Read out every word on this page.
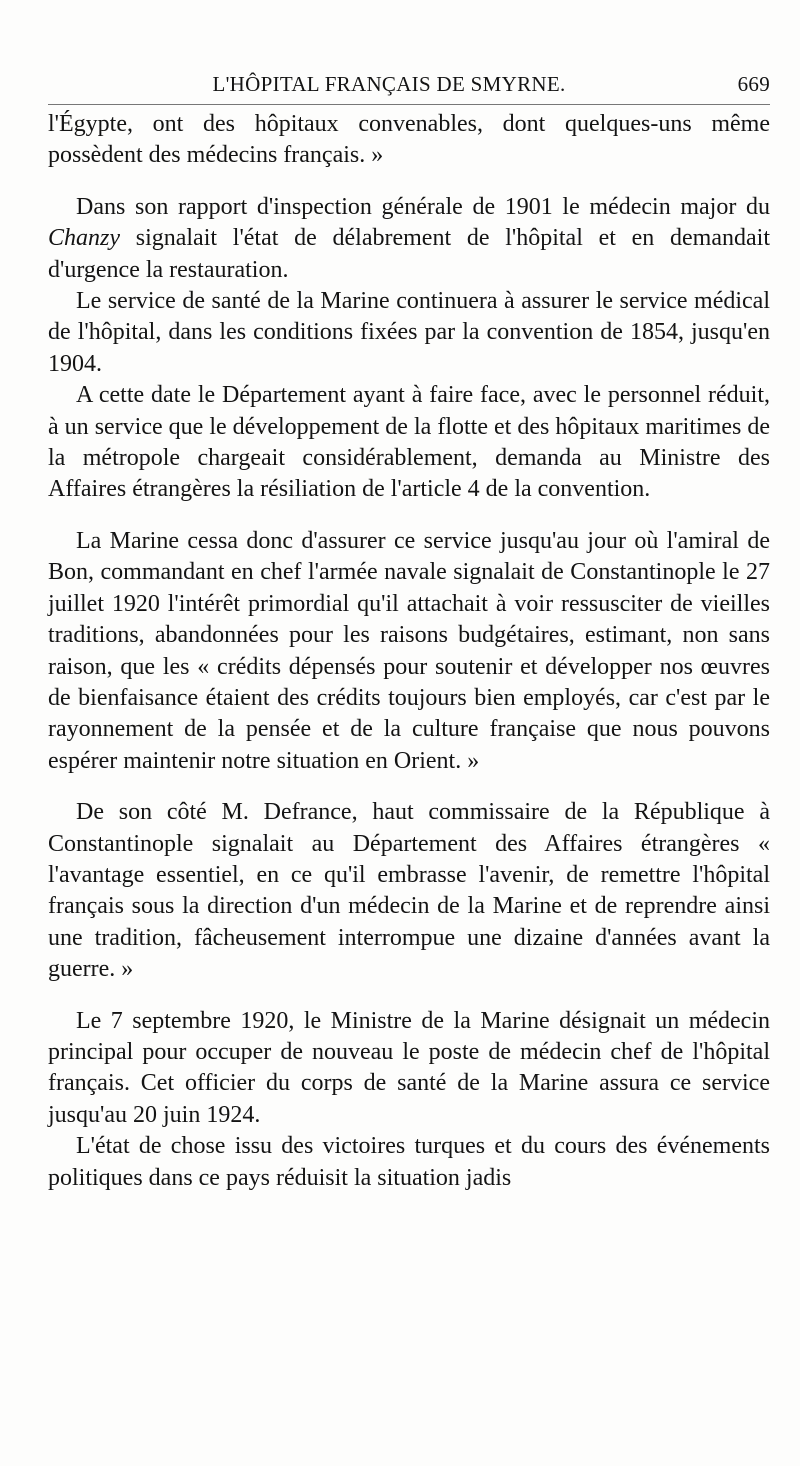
L'HÔPITAL FRANÇAIS DE SMYRNE.	669

l'Égypte, ont des hôpitaux convenables, dont quelques-uns même possèdent des médecins français. »

Dans son rapport d'inspection générale de 1901 le médecin major du Chanzy signalait l'état de délabrement de l'hôpital et en demandait d'urgence la restauration.

Le service de santé de la Marine continuera à assurer le service médical de l'hôpital, dans les conditions fixées par la convention de 1854, jusqu'en 1904.

A cette date le Département ayant à faire face, avec le personnel réduit, à un service que le développement de la flotte et des hôpitaux maritimes de la métropole chargeait considérablement, demanda au Ministre des Affaires étrangères la résiliation de l'article 4 de la convention.

La Marine cessa donc d'assurer ce service jusqu'au jour où l'amiral de Bon, commandant en chef l'armée navale signalait de Constantinople le 27 juillet 1920 l'intérêt primordial qu'il attachait à voir ressusciter de vieilles traditions, abandonnées pour les raisons budgétaires, estimant, non sans raison, que les « crédits dépensés pour soutenir et développer nos œuvres de bienfaisance étaient des crédits toujours bien employés, car c'est par le rayonnement de la pensée et de la culture française que nous pouvons espérer maintenir notre situation en Orient. »

De son côté M. Defrance, haut commissaire de la République à Constantinople signalait au Département des Affaires étrangères « l'avantage essentiel, en ce qu'il embrasse l'avenir, de remettre l'hôpital français sous la direction d'un médecin de la Marine et de reprendre ainsi une tradition, fâcheusement interrompue une dizaine d'années avant la guerre. »

Le 7 septembre 1920, le Ministre de la Marine désignait un médecin principal pour occuper de nouveau le poste de médecin chef de l'hôpital français. Cet officier du corps de santé de la Marine assura ce service jusqu'au 20 juin 1924.

L'état de chose issu des victoires turques et du cours des événements politiques dans ce pays réduisit la situation jadis
